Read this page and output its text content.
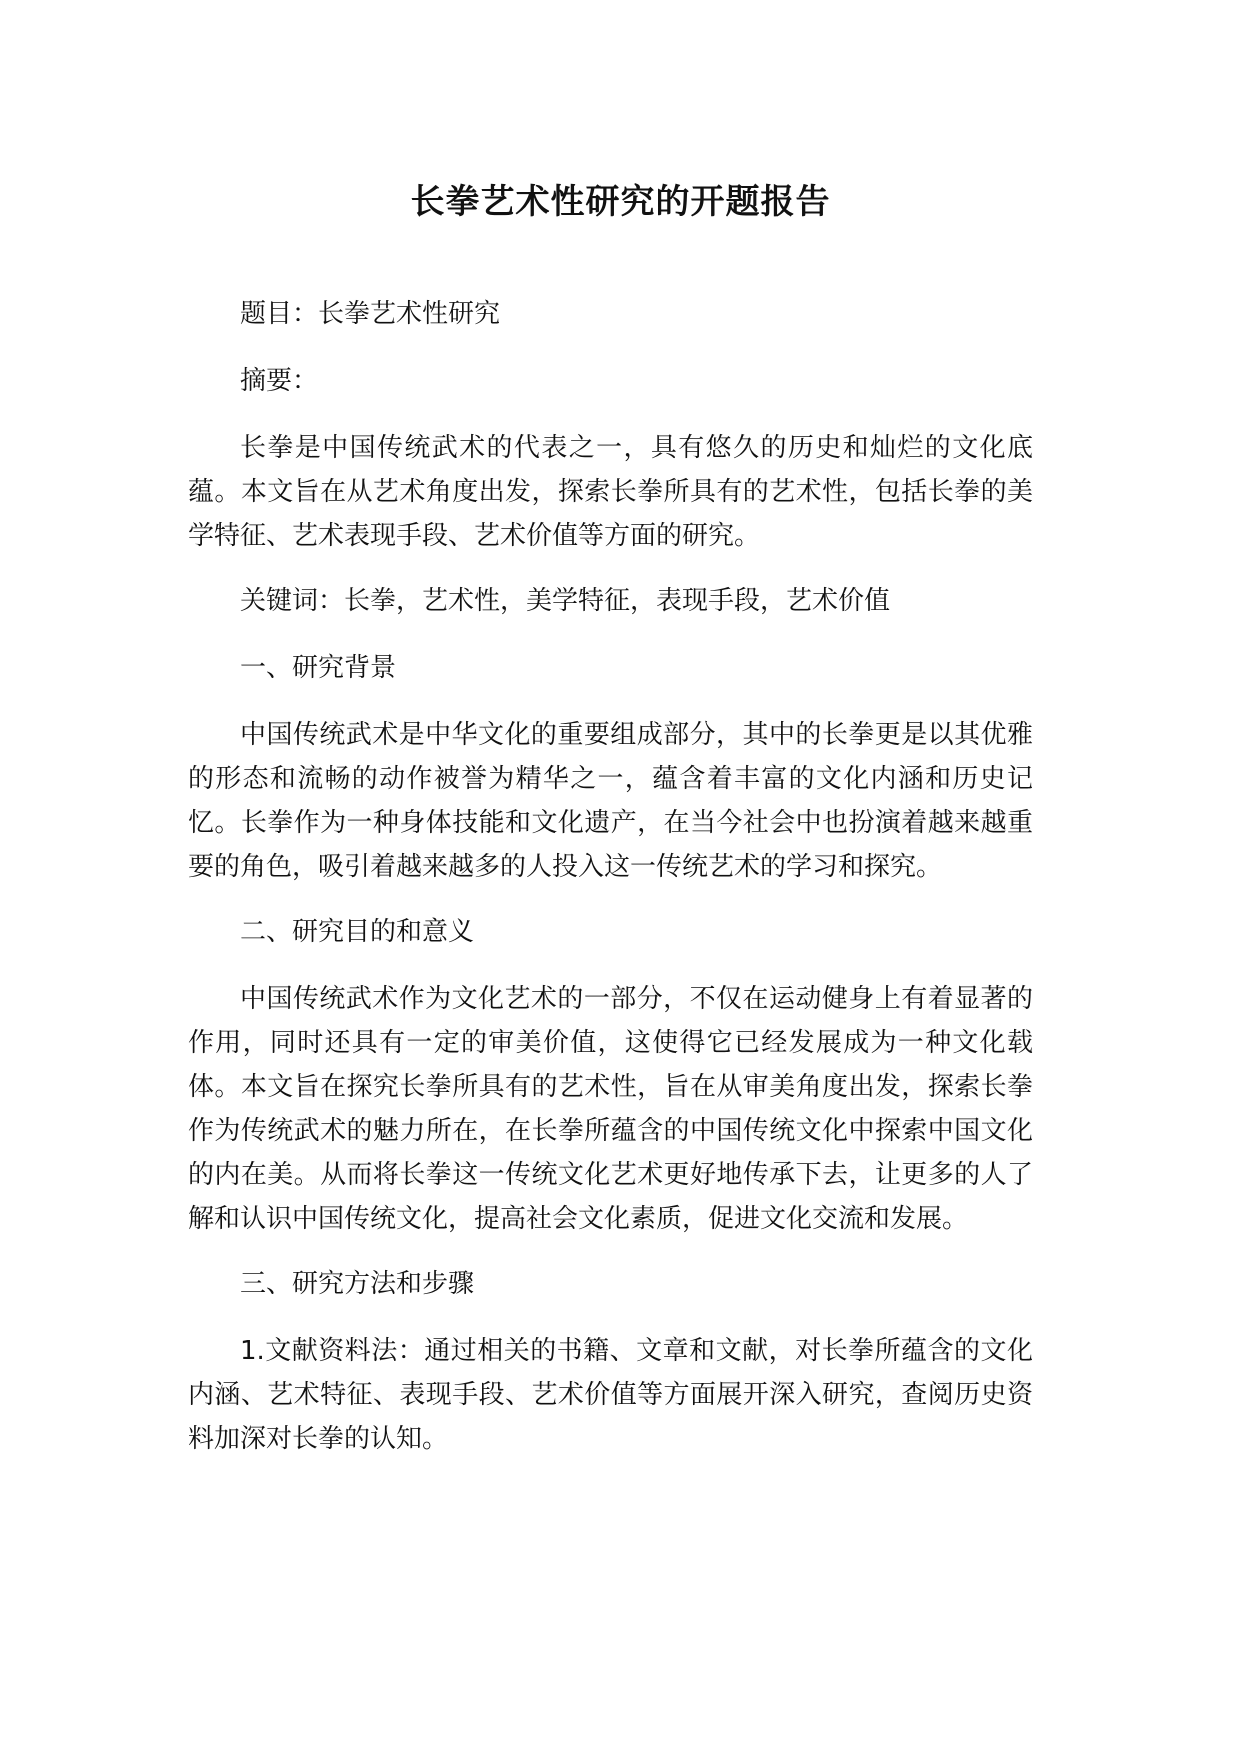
长拳艺术性研究的开题报告

题目：长拳艺术性研究

摘要：

长拳是中国传统武术的代表之一，具有悠久的历史和灿烂的文化底蕴。本文旨在从艺术角度出发，探索长拳所具有的艺术性，包括长拳的美学特征、艺术表现手段、艺术价值等方面的研究。

关键词：长拳，艺术性，美学特征，表现手段，艺术价值

一、研究背景

中国传统武术是中华文化的重要组成部分，其中的长拳更是以其优雅的形态和流畅的动作被誉为精华之一，蕴含着丰富的文化内涵和历史记忆。长拳作为一种身体技能和文化遗产，在当今社会中也扮演着越来越重要的角色，吸引着越来越多的人投入这一传统艺术的学习和探究。

二、研究目的和意义

中国传统武术作为文化艺术的一部分，不仅在运动健身上有着显著的作用，同时还具有一定的审美价值，这使得它已经发展成为一种文化载体。本文旨在探究长拳所具有的艺术性，旨在从审美角度出发，探索长拳作为传统武术的魅力所在，在长拳所蕴含的中国传统文化中探索中国文化的内在美。从而将长拳这一传统文化艺术更好地传承下去，让更多的人了解和认识中国传统文化，提高社会文化素质，促进文化交流和发展。

三、研究方法和步骤

1.文献资料法：通过相关的书籍、文章和文献，对长拳所蕴含的文化内涵、艺术特征、表现手段、艺术价值等方面展开深入研究，查阅历史资料加深对长拳的认知。
